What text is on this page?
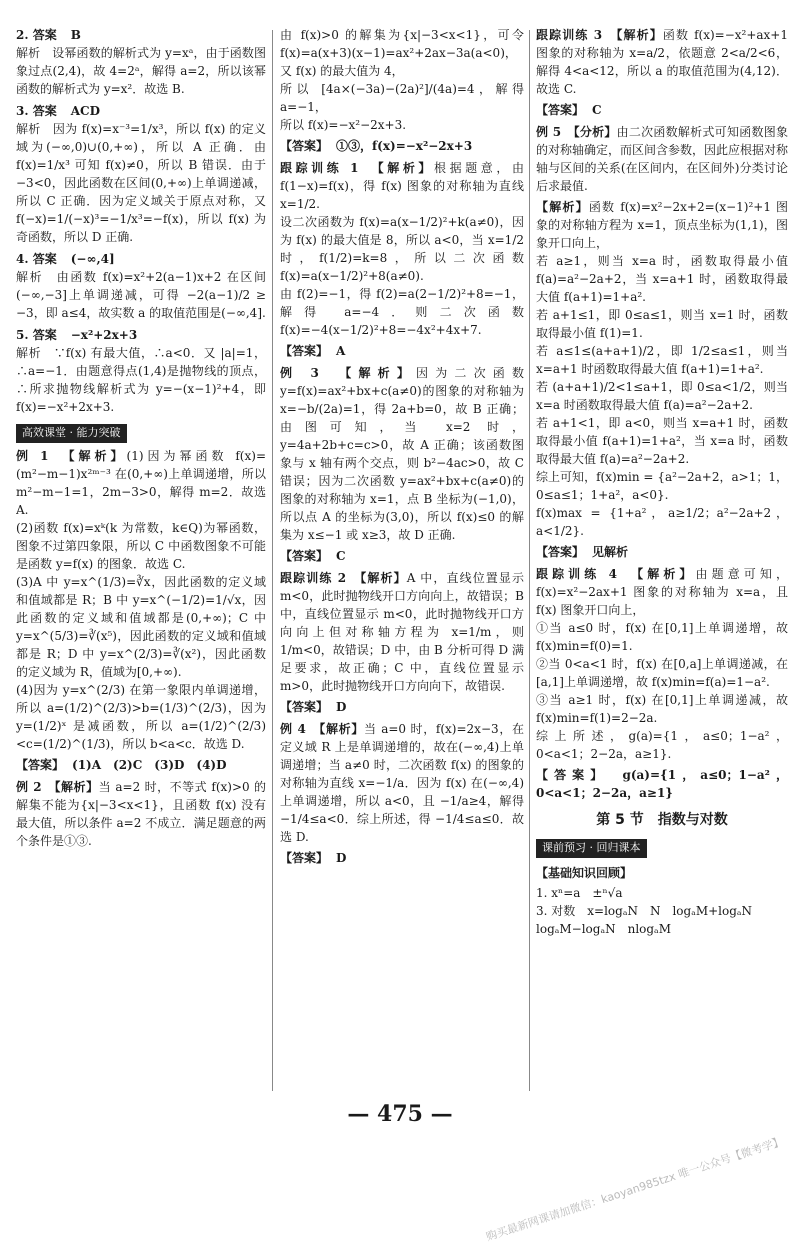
2. 答案　B
解析　设幂函数的解析式为 y=xᵃ，由于函数图象过点(2,4)，故 4=2ᵃ，解得 a=2，所以该幂函数的解析式为 y=x²．故选 B.
3. 答案　ACD
解析　因为 f(x)=x⁻³=1/x³，所以 f(x) 的定义域为(−∞,0)∪(0,+∞)，所以 A 正确．由 f(x)=1/x³ 可知 f(x)≠0，所以 B 错误．由于 −3<0，因此函数在区间(0,+∞)上单调递减，所以 C 正确．因为定义域关于原点对称，又 f(−x)=1/(−x)³=−1/x³=−f(x)，所以 f(x) 为奇函数，所以 D 正确.
4. 答案　(−∞,4]
解析　由函数 f(x)=x²+2(a−1)x+2 在区间(−∞,−3]上单调递减，可得 −2(a−1)/2 ≥ −3，即 a≤4，故实数 a 的取值范围是(−∞,4].
5. 答案　−x²+2x+3
解析　∵f(x) 有最大值，∴a<0．又 |a|=1，∴a=−1．由题意得点(1,4)是抛物线的顶点，∴所求抛物线解析式为 y=−(x−1)²+4，即 f(x)=−x²+2x+3.
高效课堂 · 能力突破
例 1　【解析】(1)因为幂函数 f(x)=(m²−m−1)x²ᵐ⁻³ 在(0,+∞)上单调递增，所以 m²−m−1=1，2m−3>0，解得 m=2．故选 A.
(2)函数 f(x)=xᵏ(k 为常数，k∈Q)为幂函数，图象不过第四象限，所以 C 中函数图象不可能是函数 y=f(x) 的图象．故选 C.
(3)A 中 y=x^(1/3)=∛x，因此函数的定义域和值域都是 R；B 中 y=x^(−1/2)=1/√x，因此函数的定义域和值域都是(0,+∞)；C 中 y=x^(5/3)=∛(x⁵)，因此函数的定义域和值域都是 R；D 中 y=x^(2/3)=∛(x²)，因此函数的定义域为 R，值域为[0,+∞).
(4)因为 y=x^(2/3) 在第一象限内单调递增，所以 a=(1/2)^(2/3)>b=(1/3)^(2/3)，因为 y=(1/2)ˣ 是减函数，所以 a=(1/2)^(2/3)<c=(1/2)^(1/3)，所以 b<a<c．故选 D.
【答案】　(1)A　(2)C　(3)D　(4)D
例 2　【解析】当 a=2 时，不等式 f(x)>0 的解集不能为{x|−3<x<1}，且函数 f(x) 没有最大值，所以条件 a=2 不成立．满足题意的两个条件是①③.
由 f(x)>0 的解集为{x|−3<x<1}，可令 f(x)=a(x+3)(x−1)=ax²+2ax−3a(a<0)，
又 f(x) 的最大值为 4，
所以 [4a×(−3a)−(2a)²]/(4a)=4，解得 a=−1，
所以 f(x)=−x²−2x+3.
【答案】　①③，f(x)=−x²−2x+3
跟踪训练 1　【解析】根据题意，由 f(1−x)=f(x)，得 f(x) 图象的对称轴为直线 x=1/2.
设二次函数为 f(x)=a(x−1/2)²+k(a≠0)，因为 f(x) 的最大值是 8，所以 a<0，当 x=1/2 时，f(1/2)=k=8，所以二次函数 f(x)=a(x−1/2)²+8(a≠0).
由 f(2)=−1，得 f(2)=a(2−1/2)²+8=−1，解得 a=−4．则二次函数 f(x)=−4(x−1/2)²+8=−4x²+4x+7.
【答案】　A
例 3　【解析】因为二次函数 y=f(x)=ax²+bx+c(a≠0)的图象的对称轴为 x=−b/(2a)=1，得 2a+b=0，故 B 正确；由图可知，当 x=2 时，y=4a+2b+c=c>0，故 A 正确；该函数图象与 x 轴有两个交点，则 b²−4ac>0，故 C 错误；因为二次函数 y=ax²+bx+c(a≠0)的图象的对称轴为 x=1，点 B 坐标为(−1,0)，所以点 A 的坐标为(3,0)，所以 f(x)≤0 的解集为 x≤−1 或 x≥3，故 D 正确.
【答案】　C
跟踪训练 2　【解析】A 中，直线位置显示 m<0，此时抛物线开口方向向上，故错误；B 中，直线位置显示 m<0，此时抛物线开口方向向上但对称轴方程为 x=1/m，则 1/m<0，故错误；D 中，由 B 分析可得 D 满足要求，故正确；C 中，直线位置显示 m>0，此时抛物线开口方向向下，故错误.
【答案】　D
例 4　【解析】当 a=0 时，f(x)=2x−3，在定义域 R 上是单调递增的，故在(−∞,4)上单调递增；当 a≠0 时，二次函数 f(x) 的图象的对称轴为直线 x=−1/a．因为 f(x) 在(−∞,4)上单调递增，所以 a<0，且 −1/a≥4，解得 −1/4≤a<0．综上所述，得 −1/4≤a≤0．故选 D.
【答案】　D
跟踪训练 3　【解析】函数 f(x)=−x²+ax+1 图象的对称轴为 x=a/2，依题意 2<a/2<6，解得 4<a<12，所以 a 的取值范围为(4,12)．故选 C.
【答案】　C
例 5　【分析】由二次函数解析式可知函数图象的对称轴确定，而区间含参数，因此应根据对称轴与区间的关系(在区间内，在区间外)分类讨论后求最值.
【解析】函数 f(x)=x²−2x+2=(x−1)²+1 图象的对称轴方程为 x=1，顶点坐标为(1,1)，图象开口向上，
若 a≥1，则当 x=a 时，函数取得最小值 f(a)=a²−2a+2，当 x=a+1 时，函数取得最大值 f(a+1)=1+a².
若 a+1≤1，即 0≤a≤1，则当 x=1 时，函数取得最小值 f(1)=1.
若 a≤1≤(a+a+1)/2，即 1/2≤a≤1，则当 x=a+1 时函数取得最大值 f(a+1)=1+a².
若 (a+a+1)/2<1≤a+1，即 0≤a<1/2，则当 x=a 时函数取得最大值 f(a)=a²−2a+2.
若 a+1<1，即 a<0，则当 x=a+1 时，函数取得最小值 f(a+1)=1+a²，当 x=a 时，函数取得最大值 f(a)=a²−2a+2.
综上可知，f(x)min = {a²−2a+2，a>1；1，0≤a≤1；1+a²，a<0}.
f(x)max = {1+a²，a≥1/2；a²−2a+2，a<1/2}.
【答案】　见解析
跟踪训练 4　【解析】由题意可知，f(x)=x²−2ax+1 图象的对称轴为 x=a，且 f(x) 图象开口向上，
①当 a≤0 时，f(x) 在[0,1]上单调递增，故 f(x)min=f(0)=1.
②当 0<a<1 时，f(x) 在[0,a]上单调递减，在[a,1]上单调递增，故 f(x)min=f(a)=1−a².
③当 a≥1 时，f(x) 在[0,1]上单调递减，故 f(x)min=f(1)=2−2a.
综上所述，g(a)={1，a≤0；1−a²，0<a<1；2−2a，a≥1}.
【答案】　g(a)={1，a≤0；1−a²，0<a<1；2−2a，a≥1}
第 5 节　指数与对数
课前预习 · 回归课本
【基础知识回顾】
1. xⁿ=a　±ⁿ√a
3. 对数　x=logₐN　N　logₐM+logₐN
logₐM−logₐN　nlogₐM
— 475 —
购买最新网课请加微信：kaoyan985tzx 唯一公众号【微考学】
